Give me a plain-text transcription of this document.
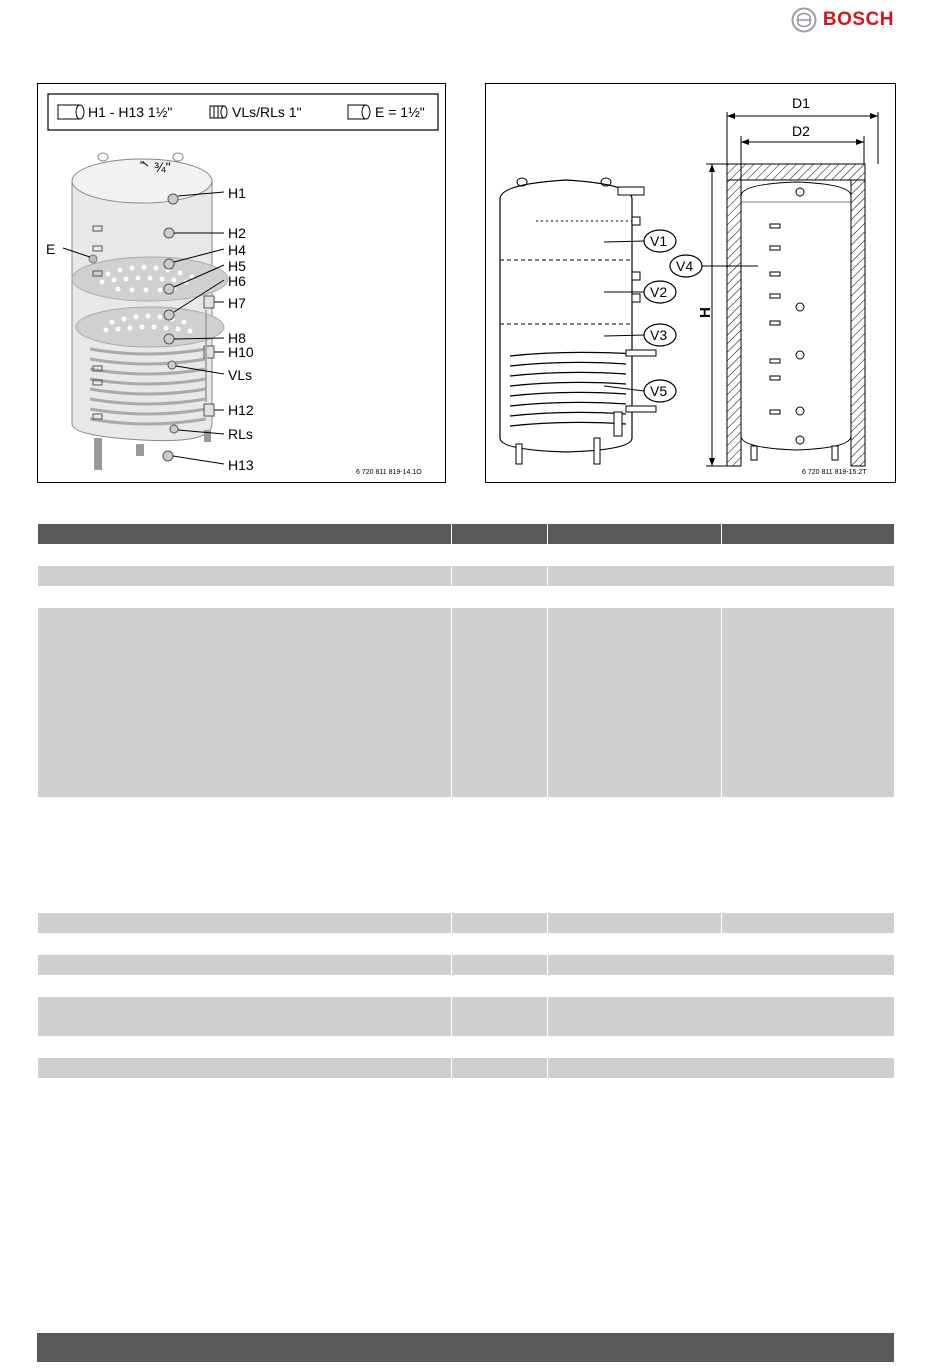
BOSCH
H1 - H13 1½"	VLs/RLs 1"	E = 1½"
E
¾"
H1
H2
H4
H5
H6
H7
H8
H10
VLs
H12
RLs
H13	6 720 811 819-14.1O
V1
V2
V3
V5
V4
D1
D2
H
6 720 811 819-15.2T
